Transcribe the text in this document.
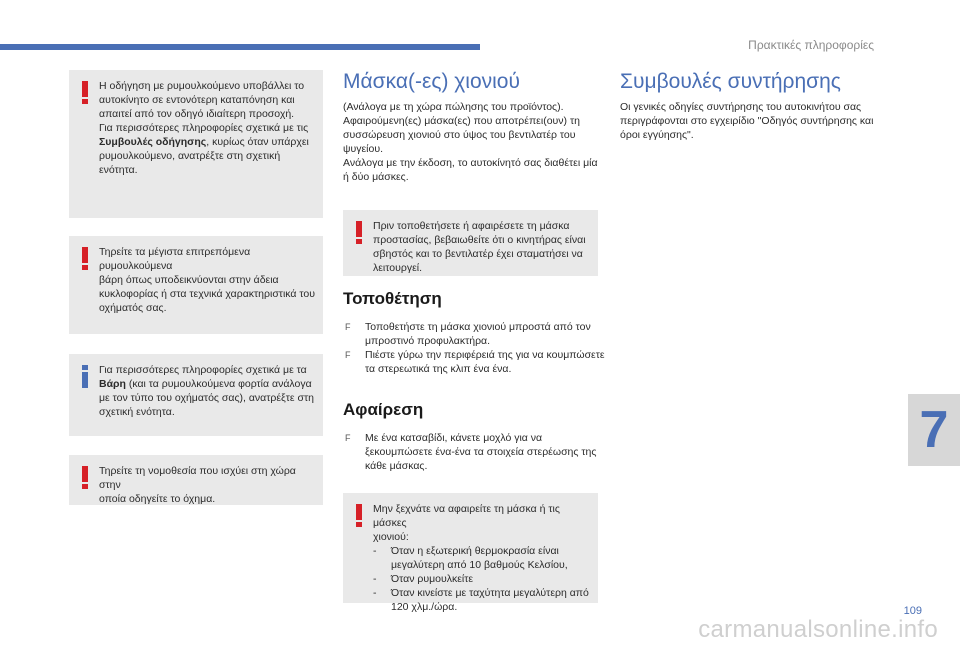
Πρακτικές πληροφορίες

Η οδήγηση με ρυμουλκούμενο υποβάλλει το

αυτοκίνητο σε εντονότερη καταπόνηση και

απαιτεί από τον οδηγό ιδιαίτερη προσοχή.

Για περισσότερες πληροφορίες σχετικά με τις

Συμβουλές οδήγησης, κυρίως όταν υπάρχει

ρυμουλκούμενο, ανατρέξτε στη σχετική ενότητα.

Τηρείτε τα μέγιστα επιτρεπόμενα ρυμουλκούμενα

βάρη όπως υποδεικνύονται στην άδεια

κυκλοφορίας ή στα τεχνικά χαρακτηριστικά του

οχήματός σας.

Για περισσότερες πληροφορίες σχετικά με τα

Βάρη (και τα ρυμουλκούμενα φορτία ανάλογα

με τον τύπο του οχήματός σας), ανατρέξτε στη

σχετική ενότητα.

Τηρείτε τη νομοθεσία που ισχύει στη χώρα στην

οποία οδηγείτε το όχημα.

Μάσκα(-ες) χιονιού
(Ανάλογα με τη χώρα πώλησης του προϊόντος).
Αφαιρούμενη(ες) μάσκα(ες) που αποτρέπει(ουν) τη
συσσώρευση χιονιού στο ύψος του βεντιλατέρ του
ψυγείου.
Ανάλογα με την έκδοση, το αυτοκίνητό σας διαθέτει μία
ή δύο μάσκες.

Πριν τοποθετήσετε ή αφαιρέσετε τη μάσκα

προστασίας, βεβαιωθείτε ότι ο κινητήρας είναι

σβηστός και το βεντιλατέρ έχει σταματήσει να

λειτουργεί.

Τοποθέτηση
F	Τοποθετήστε τη μάσκα χιονιού μπροστά από τον
μπροστινό προφυλακτήρα.
F	Πιέστε γύρω την περιφέρειά της για να κουμπώσετε
τα στερεωτικά της κλιπ ένα ένα.
Αφαίρεση
F	Με ένα κατσαβίδι, κάνετε μοχλό για να
ξεκουμπώσετε ένα-ένα τα στοιχεία στερέωσης της
κάθε μάσκας.

Μην ξεχνάτε να αφαιρείτε τη μάσκα ή τις μάσκες

χιονιού:

- Όταν η εξωτερική θερμοκρασία είναι
μεγαλύτερη από 10 βαθμούς Κελσίου,
- Όταν ρυμουλκείτε
- Όταν κινείστε με ταχύτητα μεγαλύτερη από
120 χλμ./ώρα.
Συμβουλές συντήρησης
Οι γενικές οδηγίες συντήρησης του αυτοκινήτου σας
περιγράφονται στο εγχειρίδιο "Οδηγός συντήρησης και
όροι εγγύησης".
7
109
carmanualsonline.info
